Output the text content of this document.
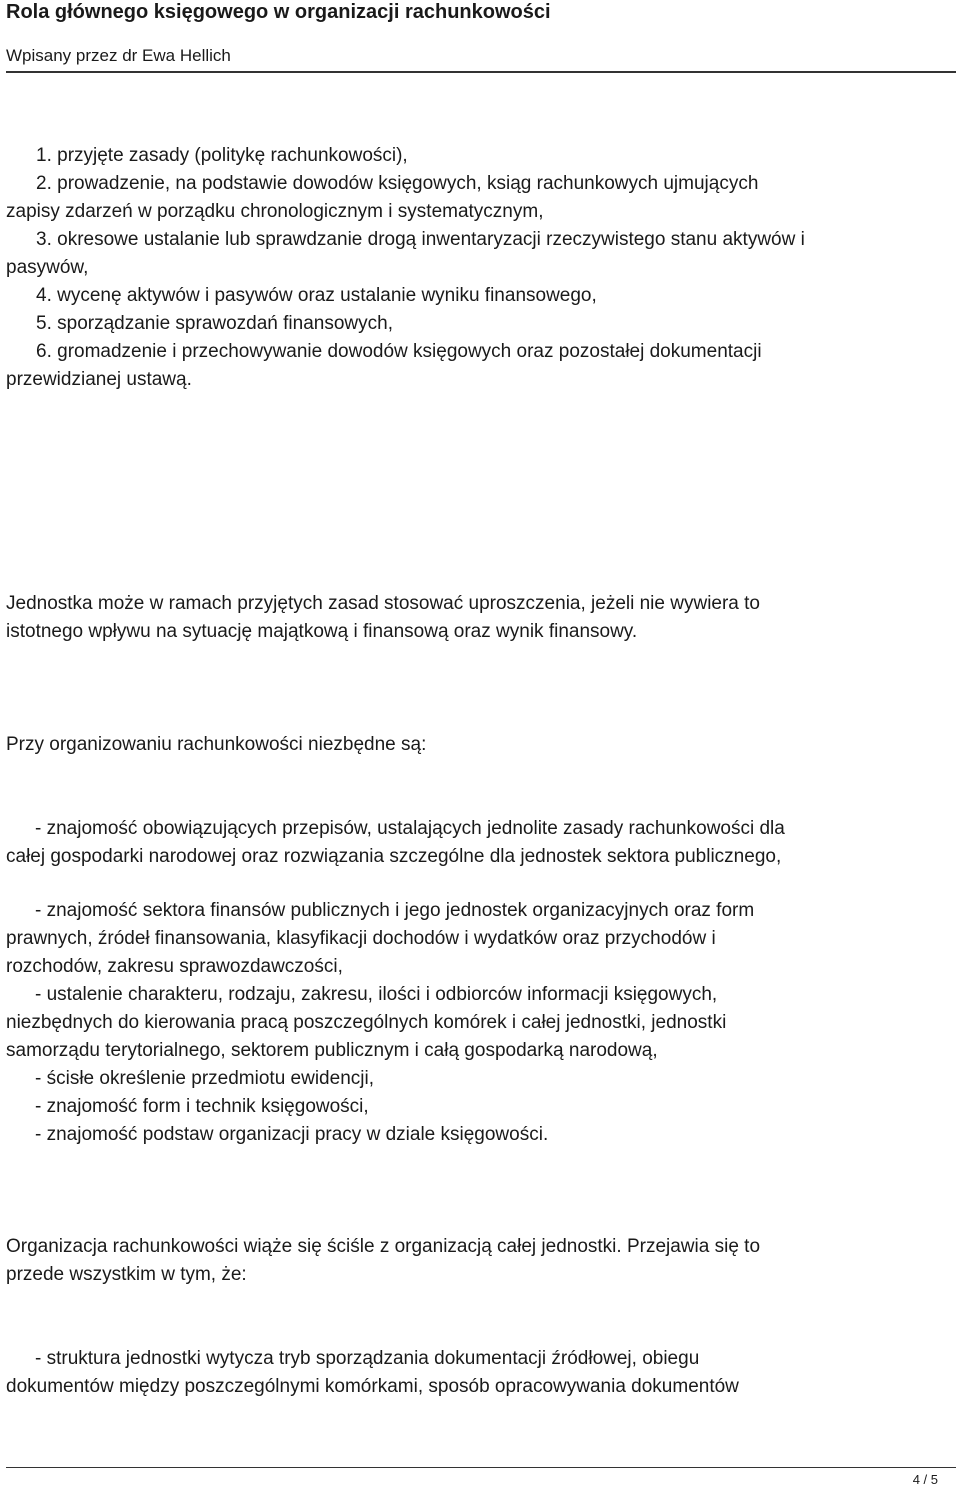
Rola głównego księgowego w organizacji rachunkowości
Wpisany przez dr Ewa Hellich
1. przyjęte zasady (politykę rachunkowości),
2. prowadzenie, na podstawie dowodów księgowych, ksiąg rachunkowych ujmujących
zapisy zdarzeń w porządku chronologicznym i systematycznym,
3. okresowe ustalanie lub sprawdzanie drogą inwentaryzacji rzeczywistego stanu aktywów i
pasywów,
4. wycenę aktywów i pasywów oraz ustalanie wyniku finansowego,
5. sporządzanie sprawozdań finansowych,
6. gromadzenie i przechowywanie dowodów księgowych oraz pozostałej dokumentacji
przewidzianej ustawą.
Jednostka może w ramach przyjętych zasad stosować uproszczenia, jeżeli nie wywiera to
istotnego wpływu na sytuację majątkową i finansową oraz wynik finansowy.
Przy organizowaniu rachunkowości niezbędne są:
- znajomość obowiązujących przepisów, ustalających jednolite zasady rachunkowości dla
całej gospodarki narodowej oraz rozwiązania szczególne dla jednostek sektora publicznego,
- znajomość sektora finansów publicznych i jego jednostek organizacyjnych oraz form
prawnych, źródeł finansowania, klasyfikacji dochodów i wydatków oraz przychodów i
rozchodów, zakresu sprawozdawczości,
- ustalenie charakteru, rodzaju, zakresu, ilości i odbiorców informacji księgowych,
niezbędnych do kierowania pracą poszczególnych komórek i całej jednostki, jednostki
samorządu terytorialnego, sektorem publicznym i całą gospodarką narodową,
- ścisłe określenie przedmiotu ewidencji,
- znajomość form i technik księgowości,
- znajomość podstaw organizacji pracy w dziale księgowości.
Organizacja rachunkowości wiąże się ściśle z organizacją całej jednostki. Przejawia się to
przede wszystkim w tym, że:
- struktura jednostki wytycza tryb sporządzania dokumentacji źródłowej, obiegu
dokumentów między poszczególnymi komórkami, sposób opracowywania dokumentów
4 / 5
